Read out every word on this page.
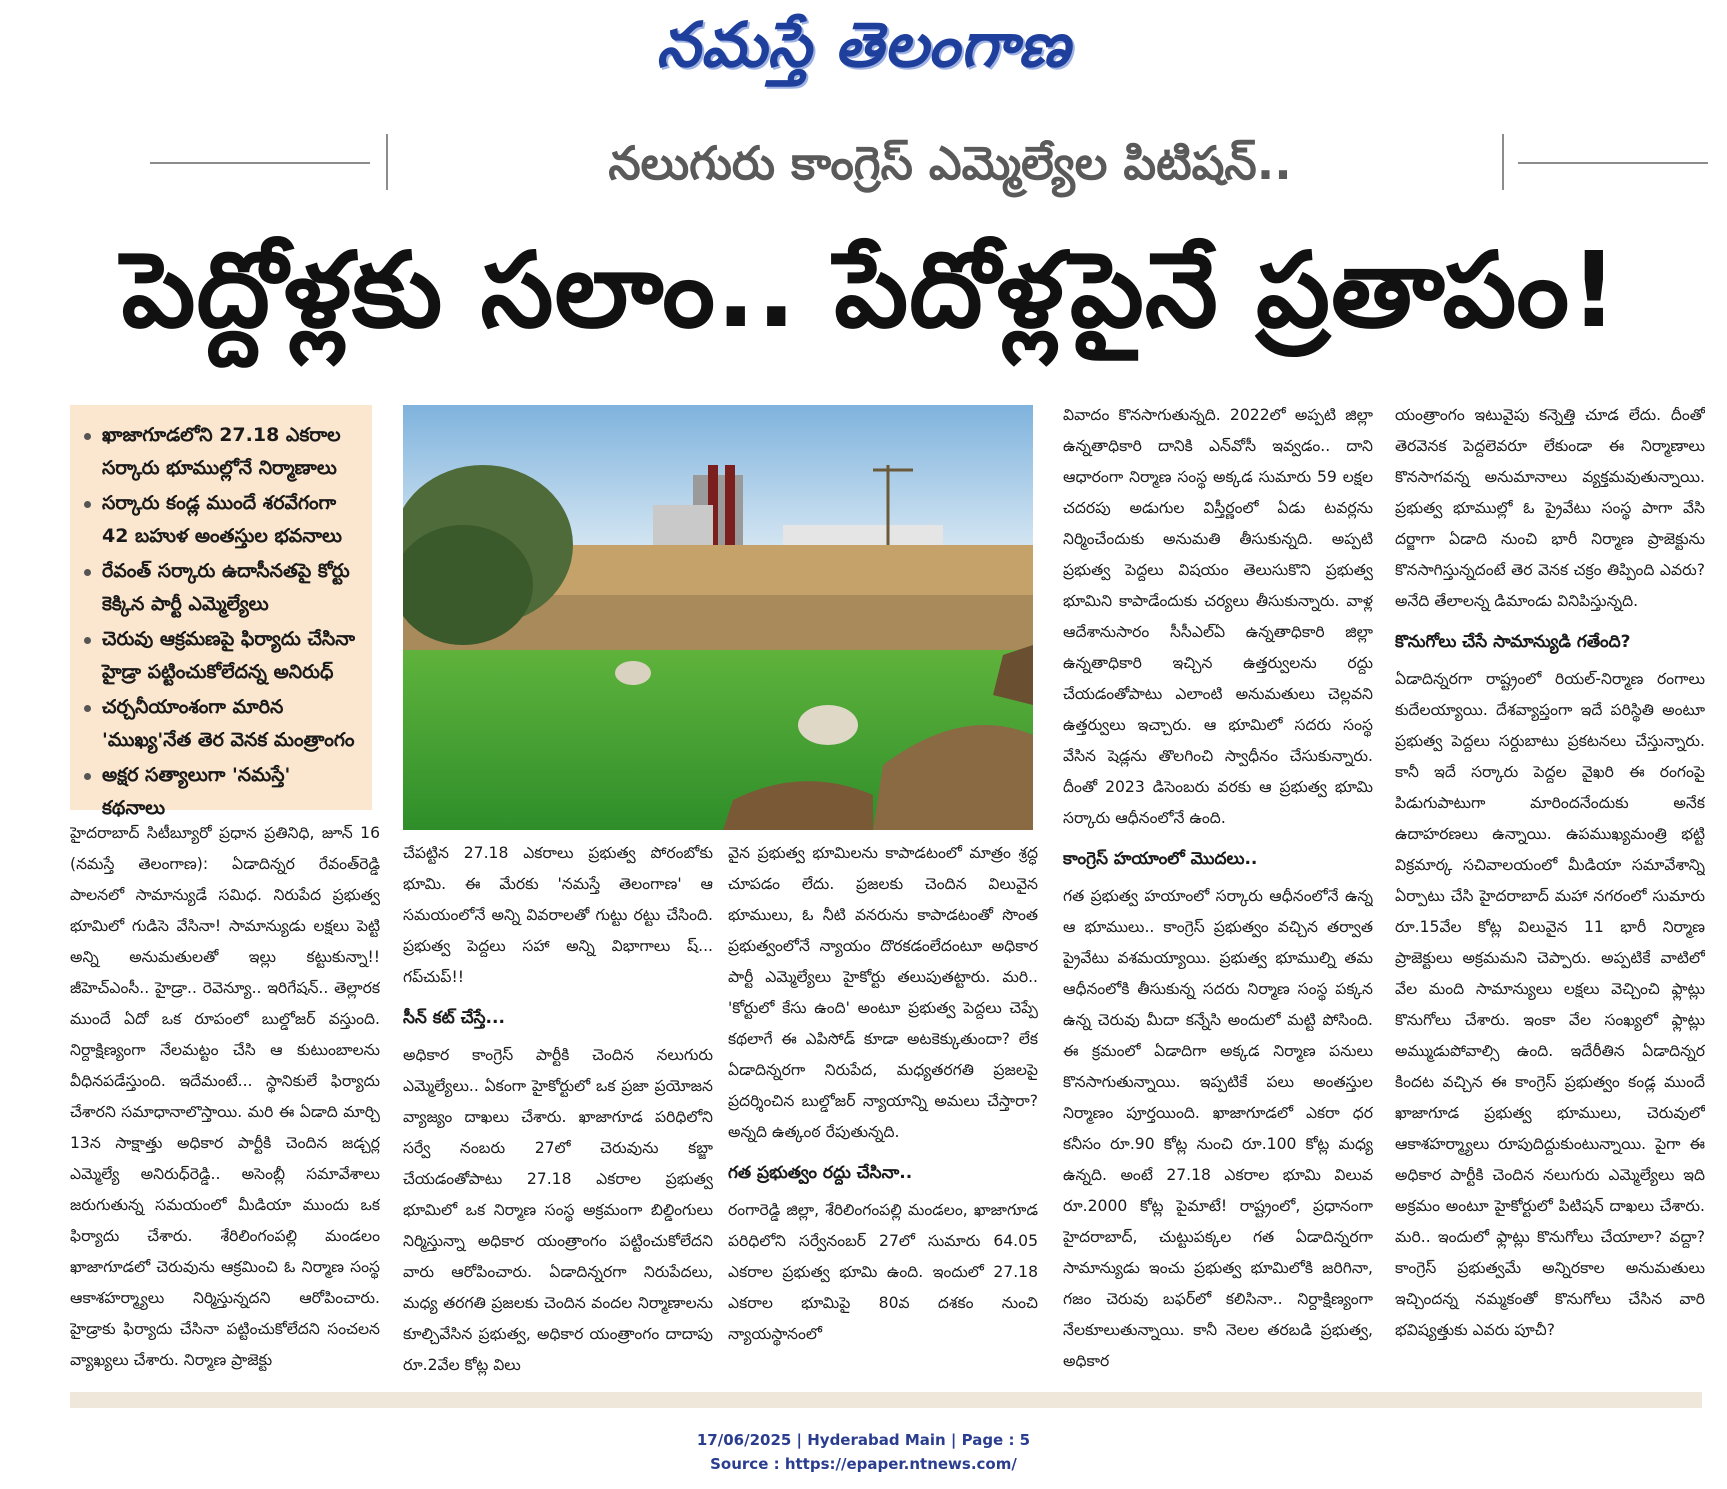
నమస్తే తెలంగాణ
నలుగురు కాంగ్రెస్ ఎమ్మెల్యేల పిటిషన్..
పెద్దోళ్లకు సలాం.. పేదోళ్లపైనే ప్రతాపం!
ఖాజాగూడలోని 27.18 ఎకరాల సర్కారు భూముల్లోనే నిర్మాణాలు
సర్కారు కండ్ల ముందే శరవేగంగా 42 బహుళ అంతస్తుల భవనాలు
రేవంత్ సర్కారు ఉదాసీనతపై కోర్టు కెక్కిన పార్టీ ఎమ్మెల్యేలు
చెరువు ఆక్రమణపై ఫిర్యాదు చేసినా హైడ్రా పట్టించుకోలేదన్న అనిరుధ్
చర్చనీయాంశంగా మారిన 'ముఖ్య'నేత తెర వెనక మంత్రాంగం
అక్షర సత్యాలుగా 'నమస్తే' కథనాలు

హైదరాబాద్ సిటీబ్యూరో ప్రధాన ప్రతినిధి, జూన్ 16 (నమస్తే తెలంగాణ): ఏడాదిన్నర రేవంత్‌రెడ్డి పాలనలో సామాన్యుడే సమిధ. నిరుపేద ప్రభుత్వ భూమిలో గుడిసె వేసినా! సామాన్యుడు లక్షలు పెట్టి అన్ని అనుమతులతో ఇల్లు కట్టుకున్నా!! జీహెచ్‌ఎంసీ.. హైడ్రా.. రెవెన్యూ.. ఇరిగేషన్.. తెల్లారక ముందే ఏదో ఒక రూపంలో బుల్డోజర్ వస్తుంది. నిర్దాక్షిణ్యంగా నేలమట్టం చేసి ఆ కుటుంబాలను వీధినపడేస్తుంది. ఇదేమంటే... స్థానికులే ఫిర్యాదు చేశారని సమాధానాలొస్తాయి. మరి ఈ ఏడాది మార్చి 13న సాక్షాత్తు అధికార పార్టీకి చెందిన జడ్చర్ల ఎమ్మెల్యే అనిరుధ్‌రెడ్డి.. అసెంబ్లీ సమావేశాలు జరుగుతున్న సమయంలో మీడియా ముందు ఒక ఫిర్యాదు చేశారు. శేరిలింగంపల్లి మండలం ఖాజాగూడలో చెరువును ఆక్రమించి ఓ నిర్మాణ సంస్థ ఆకాశహర్మ్యాలు నిర్మిస్తున్నదని ఆరోపించారు. హైడ్రాకు ఫిర్యాదు చేసినా పట్టించుకోలేదని సంచలన వ్యాఖ్యలు చేశారు. నిర్మాణ ప్రాజెక్టు

చేపట్టిన 27.18 ఎకరాలు ప్రభుత్వ పోరంబోకు భూమి. ఈ మేరకు 'నమస్తే తెలంగాణ' ఆ సమయంలోనే అన్ని వివరాలతో గుట్టు రట్టు చేసింది. ప్రభుత్వ పెద్దలు సహా అన్ని విభాగాలు ష్... గప్‌చుప్!!

సీన్ కట్ చేస్తే...

అధికార కాంగ్రెస్ పార్టీకి చెందిన నలుగురు ఎమ్మెల్యేలు.. ఏకంగా హైకోర్టులో ఒక ప్రజా ప్రయోజన వ్యాజ్యం దాఖలు చేశారు. ఖాజాగూడ పరిధిలోని సర్వే నంబరు 27లో చెరువును కబ్జా చేయడంతోపాటు 27.18 ఎకరాల ప్రభుత్వ భూమిలో ఒక నిర్మాణ సంస్థ అక్రమంగా బిల్డింగులు నిర్మిస్తున్నా అధికార యంత్రాంగం పట్టించుకోలేదని వారు ఆరోపించారు. ఏడాదిన్నరగా నిరుపేదలు, మధ్య తరగతి ప్రజలకు చెందిన వందల నిర్మాణాలను కూల్చివేసిన ప్రభుత్వ, అధికార యంత్రాంగం దాదాపు రూ.2వేల కోట్ల విలు

వైన ప్రభుత్వ భూమిలను కాపాడటంలో మాత్రం శ్రద్ధ చూపడం లేదు. ప్రజలకు చెందిన విలువైన భూములు, ఓ నీటి వనరును కాపాడటంతో సొంత ప్రభుత్వంలోనే న్యాయం దొరకడంలేదంటూ అధికార పార్టీ ఎమ్మెల్యేలు హైకోర్టు తలుపుతట్టారు. మరి.. 'కోర్టులో కేసు ఉంది' అంటూ ప్రభుత్వ పెద్దలు చెప్పే కథలాగే ఈ ఎపిసోడ్ కూడా అటకెక్కుతుందా? లేక ఏడాదిన్నరగా నిరుపేద, మధ్యతరగతి ప్రజలపై ప్రదర్శించిన బుల్డోజర్ న్యాయాన్ని అమలు చేస్తారా? అన్నది ఉత్కంఠ రేపుతున్నది.

గత ప్రభుత్వం రద్దు చేసినా..

రంగారెడ్డి జిల్లా, శేరిలింగంపల్లి మండలం, ఖాజాగూడ పరిధిలోని సర్వేనంబర్ 27లో సుమారు 64.05 ఎకరాల ప్రభుత్వ భూమి ఉంది. ఇందులో 27.18 ఎకరాల భూమిపై 80వ దశకం నుంచి న్యాయస్థానంలో

వివాదం కొనసాగుతున్నది. 2022లో అప్పటి జిల్లా ఉన్నతాధికారి దానికి ఎన్‌వోసీ ఇవ్వడం.. దాని ఆధారంగా నిర్మాణ సంస్థ అక్కడ సుమారు 59 లక్షల చదరపు అడుగుల విస్తీర్ణంలో ఏడు టవర్లను నిర్మించేందుకు అనుమతి తీసుకున్నది. అప్పటి ప్రభుత్వ పెద్దలు విషయం తెలుసుకొని ప్రభుత్వ భూమిని కాపాడేందుకు చర్యలు తీసుకున్నారు. వాళ్ల ఆదేశానుసారం సీసీఎల్‌ఏ ఉన్నతాధికారి జిల్లా ఉన్నతాధికారి ఇచ్చిన ఉత్తర్వులను రద్దు చేయడంతోపాటు ఎలాంటి అనుమతులు చెల్లవని ఉత్తర్వులు ఇచ్చారు. ఆ భూమిలో సదరు సంస్థ వేసిన షెడ్లను తొలగించి స్వాధీనం చేసుకున్నారు. దీంతో 2023 డిసెంబరు వరకు ఆ ప్రభుత్వ భూమి సర్కారు ఆధీనంలోనే ఉంది.

కాంగ్రెస్ హయాంలో మొదలు..

గత ప్రభుత్వ హయాంలో సర్కారు ఆధీనంలోనే ఉన్న ఆ భూములు.. కాంగ్రెస్ ప్రభుత్వం వచ్చిన తర్వాత ప్రైవేటు వశమయ్యాయి. ప్రభుత్వ భూముల్ని తమ ఆధీనంలోకి తీసుకున్న సదరు నిర్మాణ సంస్థ పక్కన ఉన్న చెరువు మీదా కన్నేసి అందులో మట్టి పోసింది. ఈ క్రమంలో ఏడాదిగా అక్కడ నిర్మాణ పనులు కొనసాగుతున్నాయి. ఇప్పటికే పలు అంతస్తుల నిర్మాణం పూర్తయింది. ఖాజాగూడలో ఎకరా ధర కనీసం రూ.90 కోట్ల నుంచి రూ.100 కోట్ల మధ్య ఉన్నది. అంటే 27.18 ఎకరాల భూమి విలువ రూ.2000 కోట్ల పైమాటే! రాష్ట్రంలో, ప్రధానంగా హైదరాబాద్, చుట్టుపక్కల గత ఏడాదిన్నరగా సామాన్యుడు ఇంచు ప్రభుత్వ భూమిలోకి జరిగినా, గజం చెరువు బఫర్‌లో కలిసినా.. నిర్దాక్షిణ్యంగా నేలకూలుతున్నాయి. కానీ నెలల తరబడి ప్రభుత్వ, అధికార

యంత్రాంగం ఇటువైపు కన్నెత్తి చూడ లేదు. దీంతో తెరవెనక పెద్దలెవరూ లేకుండా ఈ నిర్మాణాలు కొనసాగవన్న అనుమానాలు వ్యక్తమవుతున్నాయి. ప్రభుత్వ భూముల్లో ఓ ప్రైవేటు సంస్థ పాగా వేసి దర్జాగా ఏడాది నుంచి భారీ నిర్మాణ ప్రాజెక్టును కొనసాగిస్తున్నదంటే తెర వెనక చక్రం తిప్పింది ఎవరు? అనేది తేలాలన్న డిమాండు వినిపిస్తున్నది.

కొనుగోలు చేసే సామాన్యుడి గతేంది?

ఏడాదిన్నరగా రాష్ట్రంలో రియల్-నిర్మాణ రంగాలు కుదేలయ్యాయి. దేశవ్యాప్తంగా ఇదే పరిస్థితి అంటూ ప్రభుత్వ పెద్దలు సర్దుబాటు ప్రకటనలు చేస్తున్నారు. కానీ ఇదే సర్కారు పెద్దల వైఖరి ఈ రంగంపై పిడుగుపాటుగా మారిందనేందుకు అనేక ఉదాహరణలు ఉన్నాయి. ఉపముఖ్యమంత్రి భట్టి విక్రమార్క సచివాలయంలో మీడియా సమావేశాన్ని ఏర్పాటు చేసి హైదరాబాద్ మహా నగరంలో సుమారు రూ.15వేల కోట్ల విలువైన 11 భారీ నిర్మాణ ప్రాజెక్టులు అక్రమమని చెప్పారు. అప్పటికే వాటిలో వేల మంది సామాన్యులు లక్షలు వెచ్చించి ఫ్లాట్లు కొనుగోలు చేశారు. ఇంకా వేల సంఖ్యలో ఫ్లాట్లు అమ్ముడుపోవాల్సి ఉంది. ఇదేరీతిన ఏడాదిన్నర కిందట వచ్చిన ఈ కాంగ్రెస్ ప్రభుత్వం కండ్ల ముందే ఖాజాగూడ ప్రభుత్వ భూములు, చెరువులో ఆకాశహర్మ్యాలు రూపుదిద్దుకుంటున్నాయి. పైగా ఈ అధికార పార్టీకి చెందిన నలుగురు ఎమ్మెల్యేలు ఇది అక్రమం అంటూ హైకోర్టులో పిటిషన్ దాఖలు చేశారు. మరి.. ఇందులో ఫ్లాట్లు కొనుగోలు చేయాలా? వద్దా? కాంగ్రెస్ ప్రభుత్వమే అన్నిరకాల అనుమతులు ఇచ్చిందన్న నమ్మకంతో కొనుగోలు చేసిన వారి భవిష్యత్తుకు ఎవరు పూచీ?

17/06/2025 | Hyderabad Main | Page : 5
Source : https://epaper.ntnews.com/
